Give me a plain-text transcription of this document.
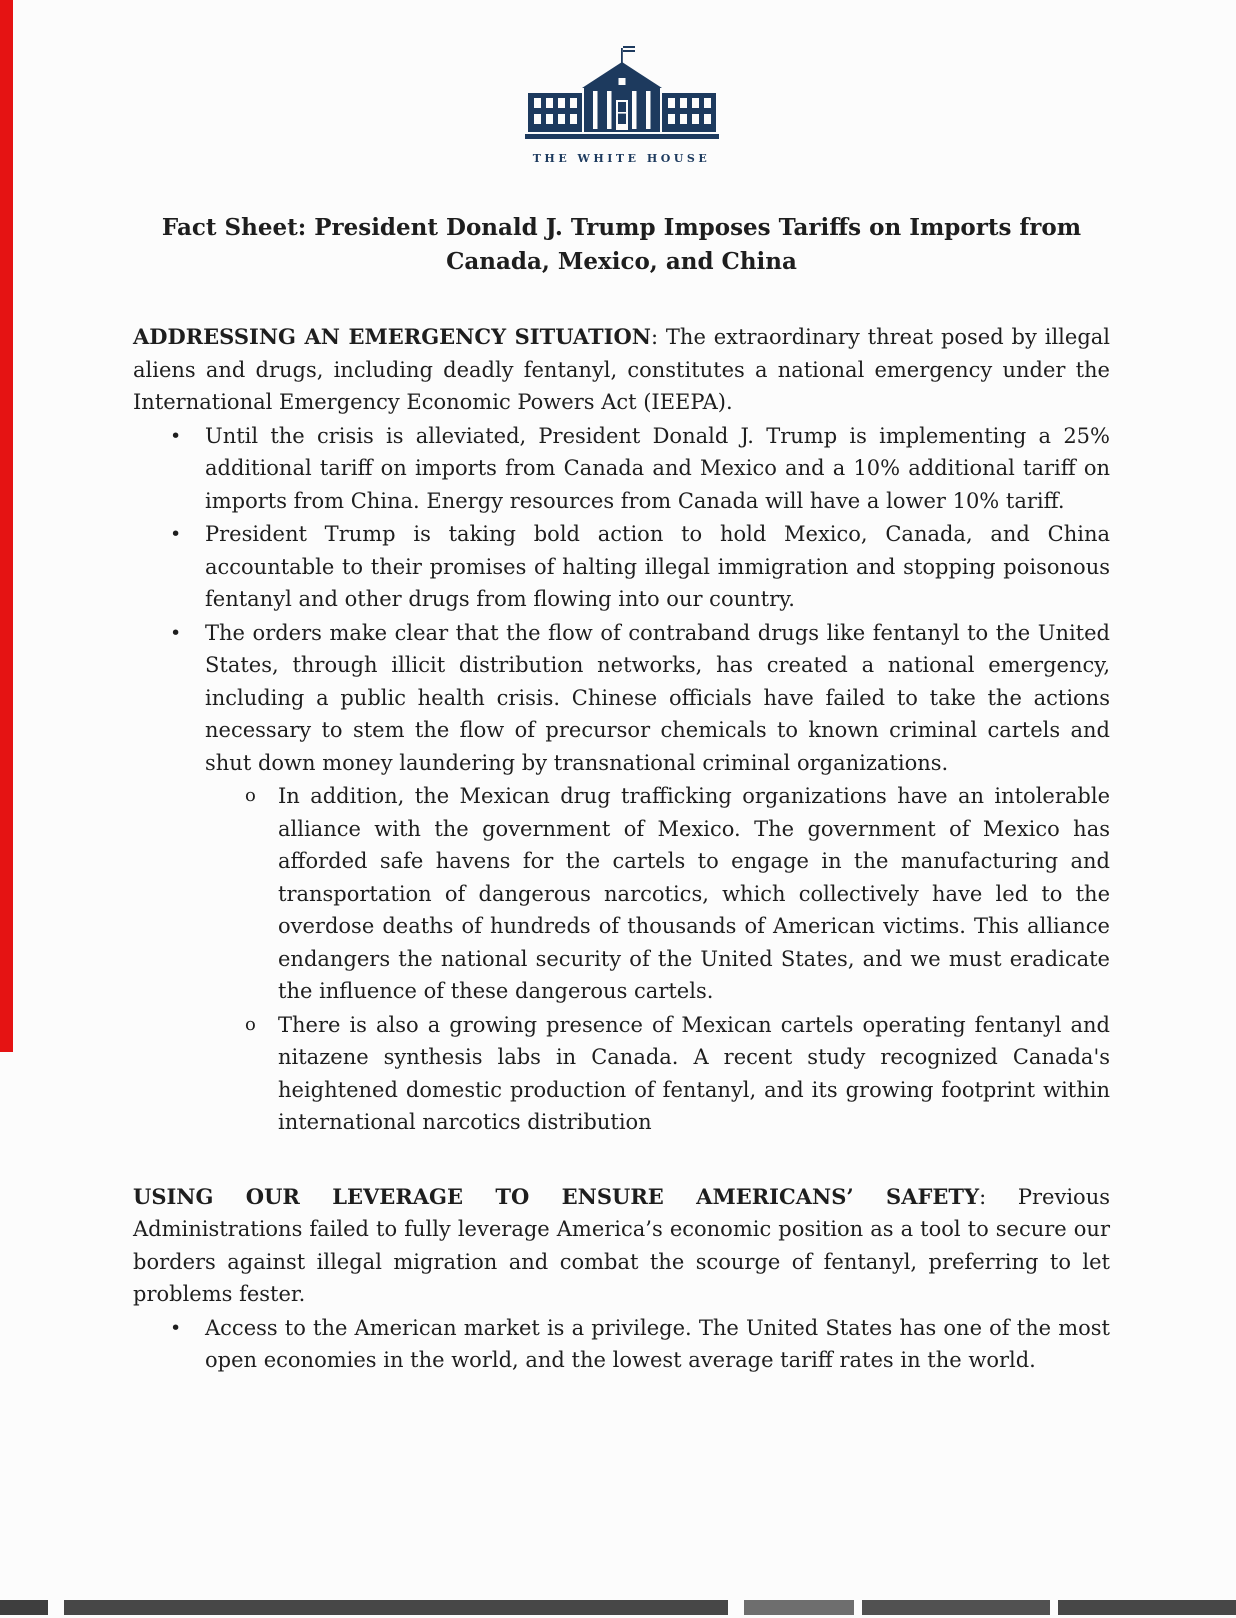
THE WHITE HOUSE
Fact Sheet: President Donald J. Trump Imposes Tariffs on Imports from Canada, Mexico, and China

ADDRESSING AN EMERGENCY SITUATION: The extraordinary threat posed by illegal aliens and drugs, including deadly fentanyl, constitutes a national emergency under the International Emergency Economic Powers Act (IEEPA).

•	Until the crisis is alleviated, President Donald J. Trump is implementing a 25% additional tariff on imports from Canada and Mexico and a 10% additional tariff on imports from China. Energy resources from Canada will have a lower 10% tariff.
•	President Trump is taking bold action to hold Mexico, Canada, and China accountable to their promises of halting illegal immigration and stopping poisonous fentanyl and other drugs from flowing into our country.
•	The orders make clear that the flow of contraband drugs like fentanyl to the United States, through illicit distribution networks, has created a national emergency, including a public health crisis. Chinese officials have failed to take the actions necessary to stem the flow of precursor chemicals to known criminal cartels and shut down money laundering by transnational criminal organizations.
o	In addition, the Mexican drug trafficking organizations have an intolerable alliance with the government of Mexico. The government of Mexico has afforded safe havens for the cartels to engage in the manufacturing and transportation of dangerous narcotics, which collectively have led to the overdose deaths of hundreds of thousands of American victims. This alliance endangers the national security of the United States, and we must eradicate the influence of these dangerous cartels.
o	There is also a growing presence of Mexican cartels operating fentanyl and nitazene synthesis labs in Canada. A recent study recognized Canada's heightened domestic production of fentanyl, and its growing footprint within international narcotics distribution

USING OUR LEVERAGE TO ENSURE AMERICANS’ SAFETY: Previous Administrations failed to fully leverage America’s economic position as a tool to secure our borders against illegal migration and combat the scourge of fentanyl, preferring to let problems fester.

•	Access to the American market is a privilege. The United States has one of the most open economies in the world, and the lowest average tariff rates in the world.
